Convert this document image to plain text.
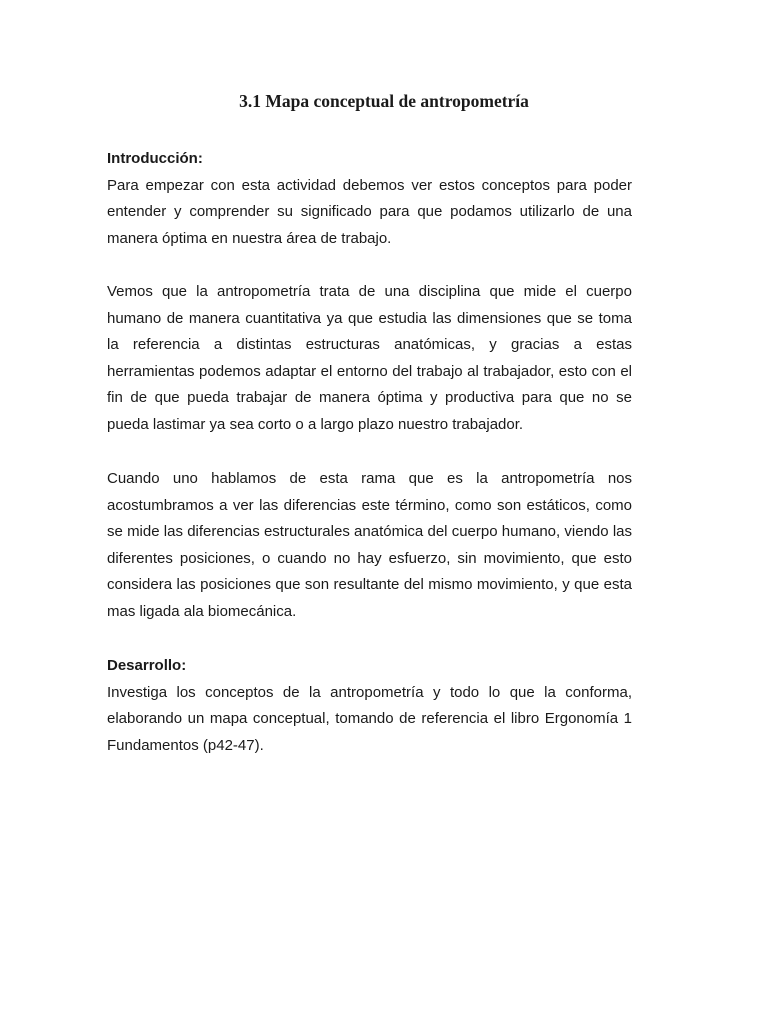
3.1 Mapa conceptual de antropometría
Introducción:
Para empezar con esta actividad debemos ver estos conceptos para poder entender y comprender su significado para que podamos utilizarlo de una manera óptima en nuestra área de trabajo.
Vemos que la antropometría trata de una disciplina que mide el cuerpo humano de manera cuantitativa ya que estudia las dimensiones que se toma la referencia a distintas estructuras anatómicas, y gracias a estas herramientas podemos adaptar el entorno del trabajo al trabajador, esto con el fin de que pueda trabajar de manera óptima y productiva para que no se pueda lastimar ya sea corto o a largo plazo nuestro trabajador.
Cuando uno hablamos de esta rama que es la antropometría nos acostumbramos a ver las diferencias este término, como son estáticos, como se mide las diferencias estructurales anatómica del cuerpo humano, viendo las diferentes posiciones, o cuando no hay esfuerzo, sin movimiento, que esto considera las posiciones que son resultante del mismo movimiento, y que esta mas ligada ala biomecánica.
Desarrollo:
Investiga los conceptos de la antropometría y todo lo que la conforma, elaborando un mapa conceptual, tomando de referencia el libro Ergonomía 1 Fundamentos (p42-47).
